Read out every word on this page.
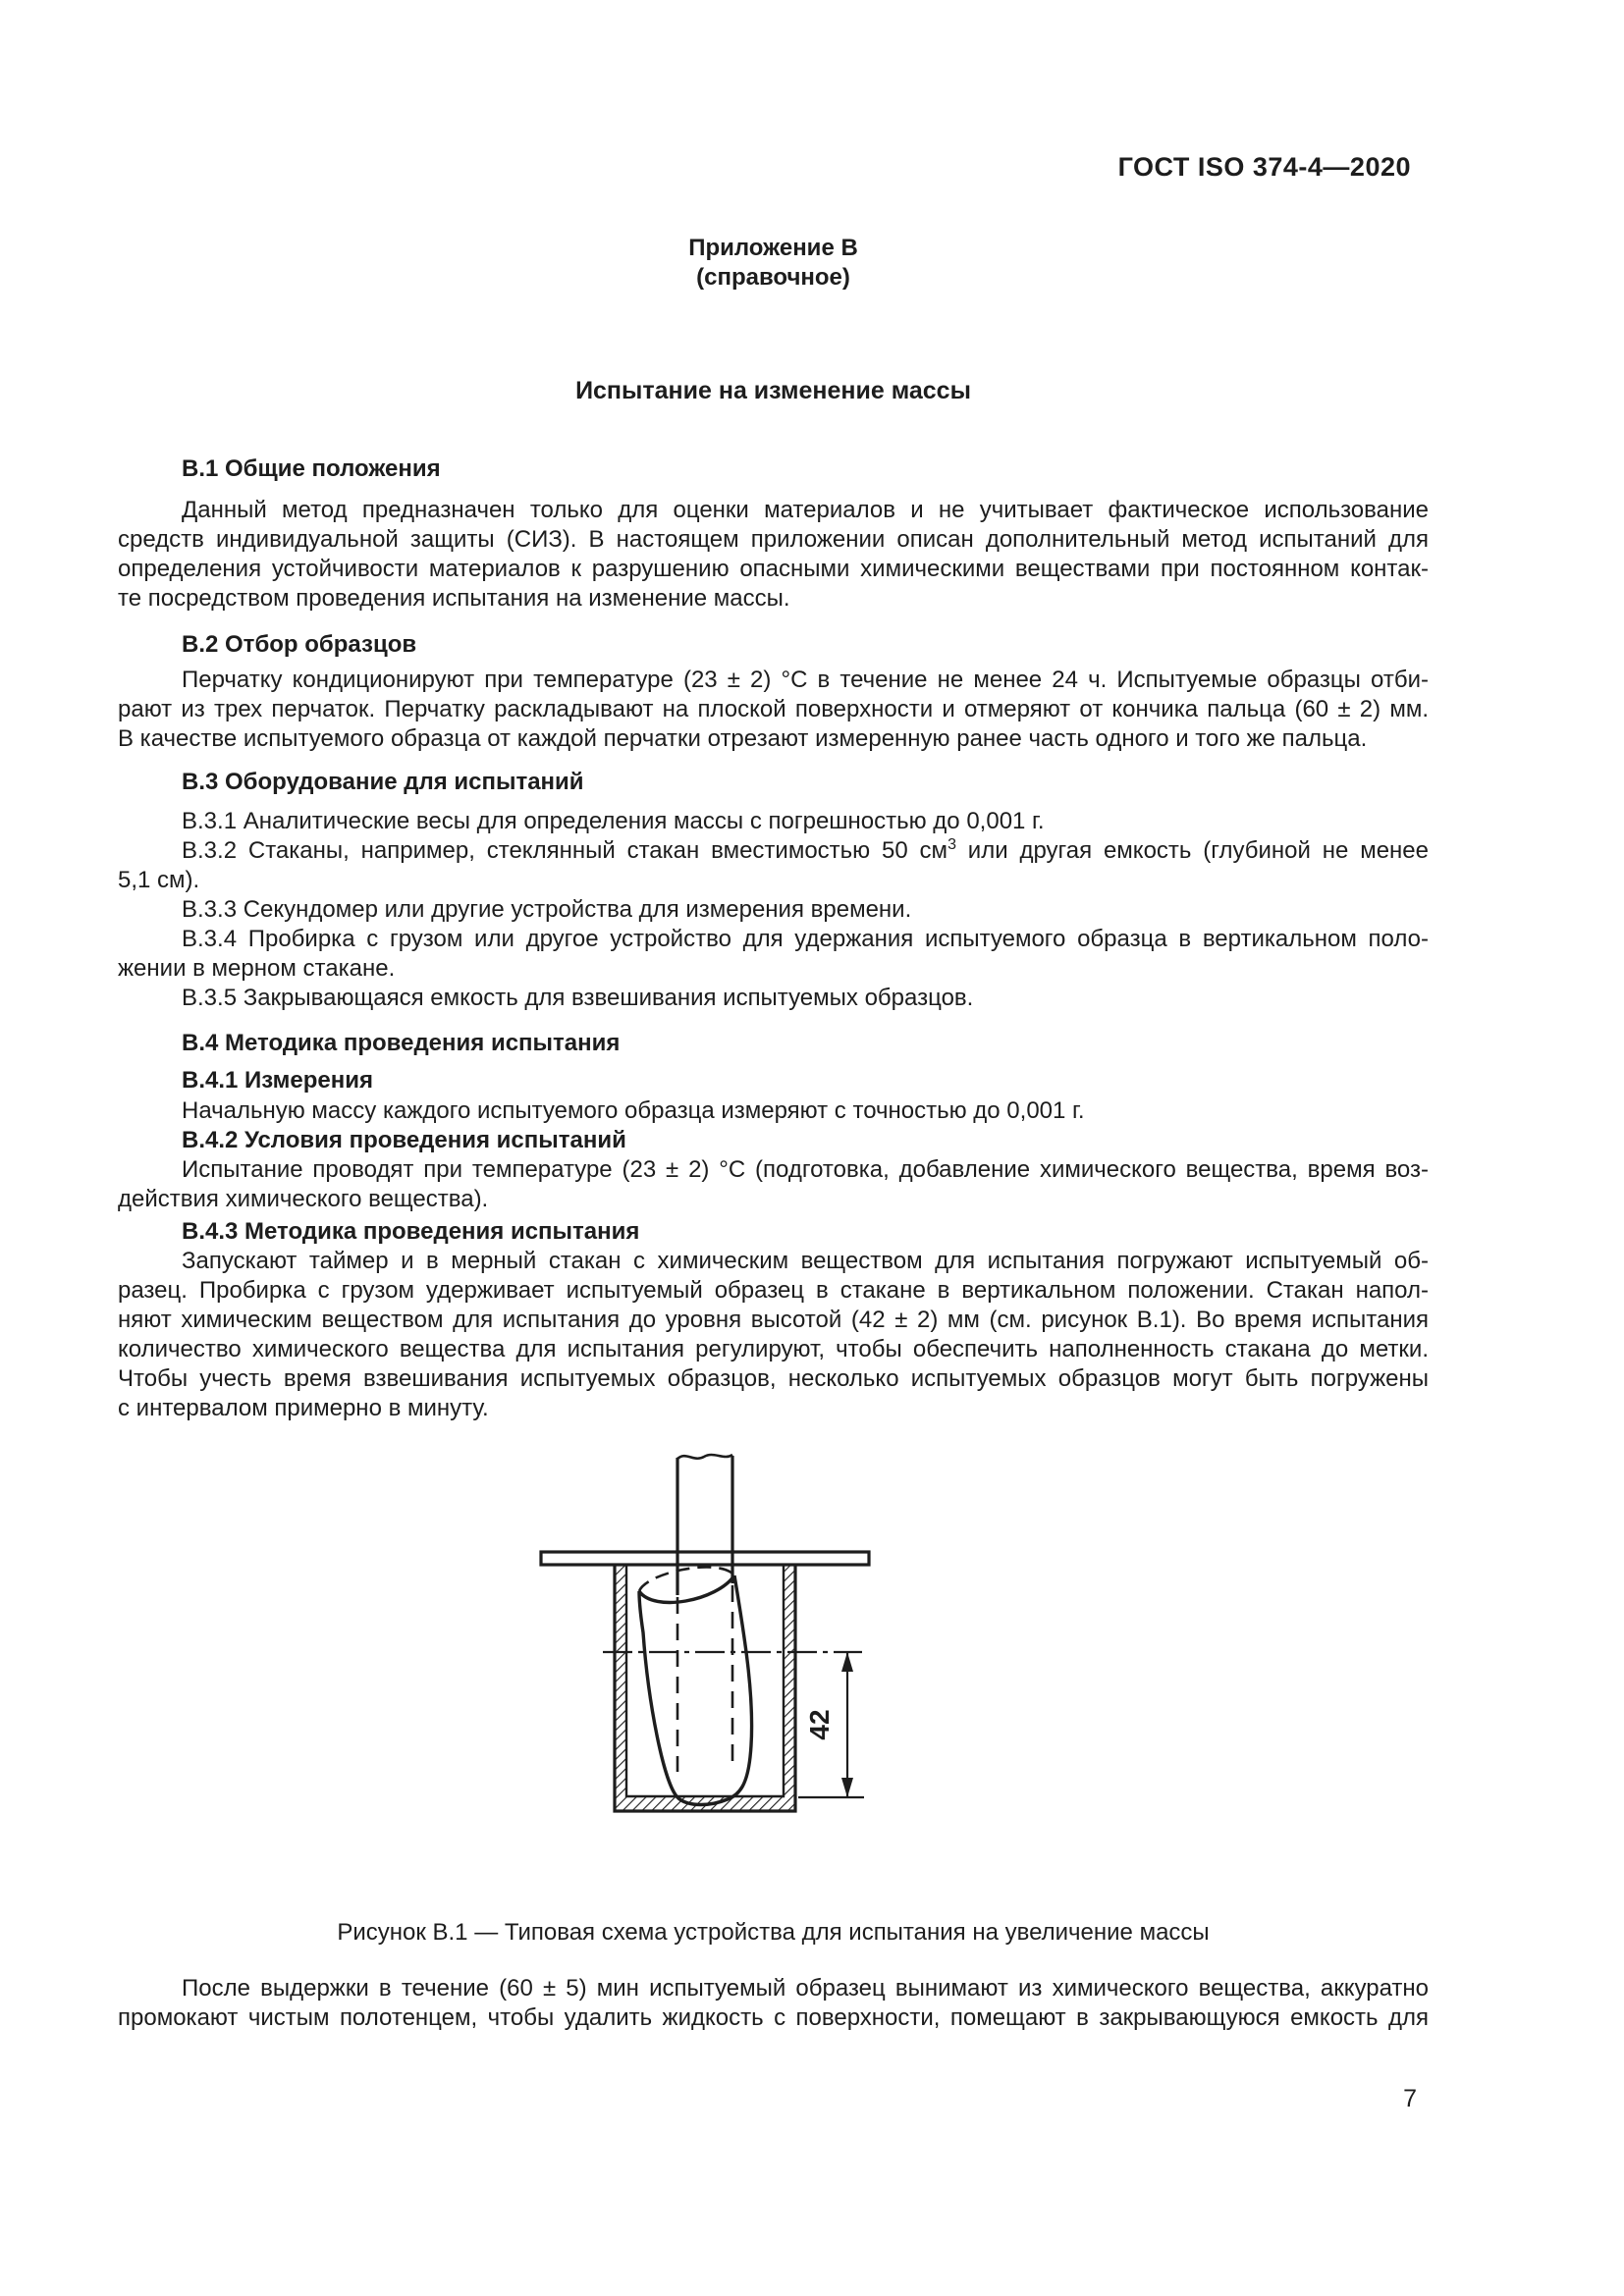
ГОСТ ISO 374-4—2020
Приложение В
(справочное)
Испытание на изменение массы
В.1 Общие положения
Данный метод предназначен только для оценки материалов и не учитывает фактическое использование
средств индивидуальной защиты (СИЗ). В настоящем приложении описан дополнительный метод испытаний для
определения устойчивости материалов к разрушению опасными химическими веществами при постоянном контак-
те посредством проведения испытания на изменение массы.
В.2 Отбор образцов
Перчатку кондиционируют при температуре (23 ± 2) °С в течение не менее 24 ч. Испытуемые образцы отби-
рают из трех перчаток. Перчатку раскладывают на плоской поверхности и отмеряют от кончика пальца (60 ± 2) мм.
В качестве испытуемого образца от каждой перчатки отрезают измеренную ранее часть одного и того же пальца.
В.3 Оборудование для испытаний
В.3.1 Аналитические весы для определения массы с погрешностью до 0,001 г.
В.3.2 Стаканы, например, стеклянный стакан вместимостью 50 $см^3$ или другая емкость (глубиной не менее
5,1 см).
В.3.3 Секундомер или другие устройства для измерения времени.
В.3.4 Пробирка с грузом или другое устройство для удержания испытуемого образца в вертикальном поло-
жении в мерном стакане.
В.3.5 Закрывающаяся емкость для взвешивания испытуемых образцов.
В.4 Методика проведения испытания
В.4.1 Измерения
Начальную массу каждого испытуемого образца измеряют с точностью до 0,001 г.
В.4.2 Условия проведения испытаний
Испытание проводят при температуре (23 ± 2) °С (подготовка, добавление химического вещества, время воз-
действия химического вещества).
В.4.3 Методика проведения испытания
Запускают таймер и в мерный стакан с химическим веществом для испытания погружают испытуемый об-
разец. Пробирка с грузом удерживает испытуемый образец в стакане в вертикальном положении. Стакан напол-
няют химическим веществом для испытания до уровня высотой (42 ± 2) мм (см. рисунок В.1). Во время испытания
количество химического вещества для испытания регулируют, чтобы обеспечить наполненность стакана до метки.
Чтобы учесть время взвешивания испытуемых образцов, несколько испытуемых образцов могут быть погружены
с интервалом примерно в минуту.
42
Рисунок В.1 — Типовая схема устройства для испытания на увеличение массы
После выдержки в течение (60 ± 5) мин испытуемый образец вынимают из химического вещества, аккуратно
промокают чистым полотенцем, чтобы удалить жидкость с поверхности, помещают в закрывающуюся емкость для
7
